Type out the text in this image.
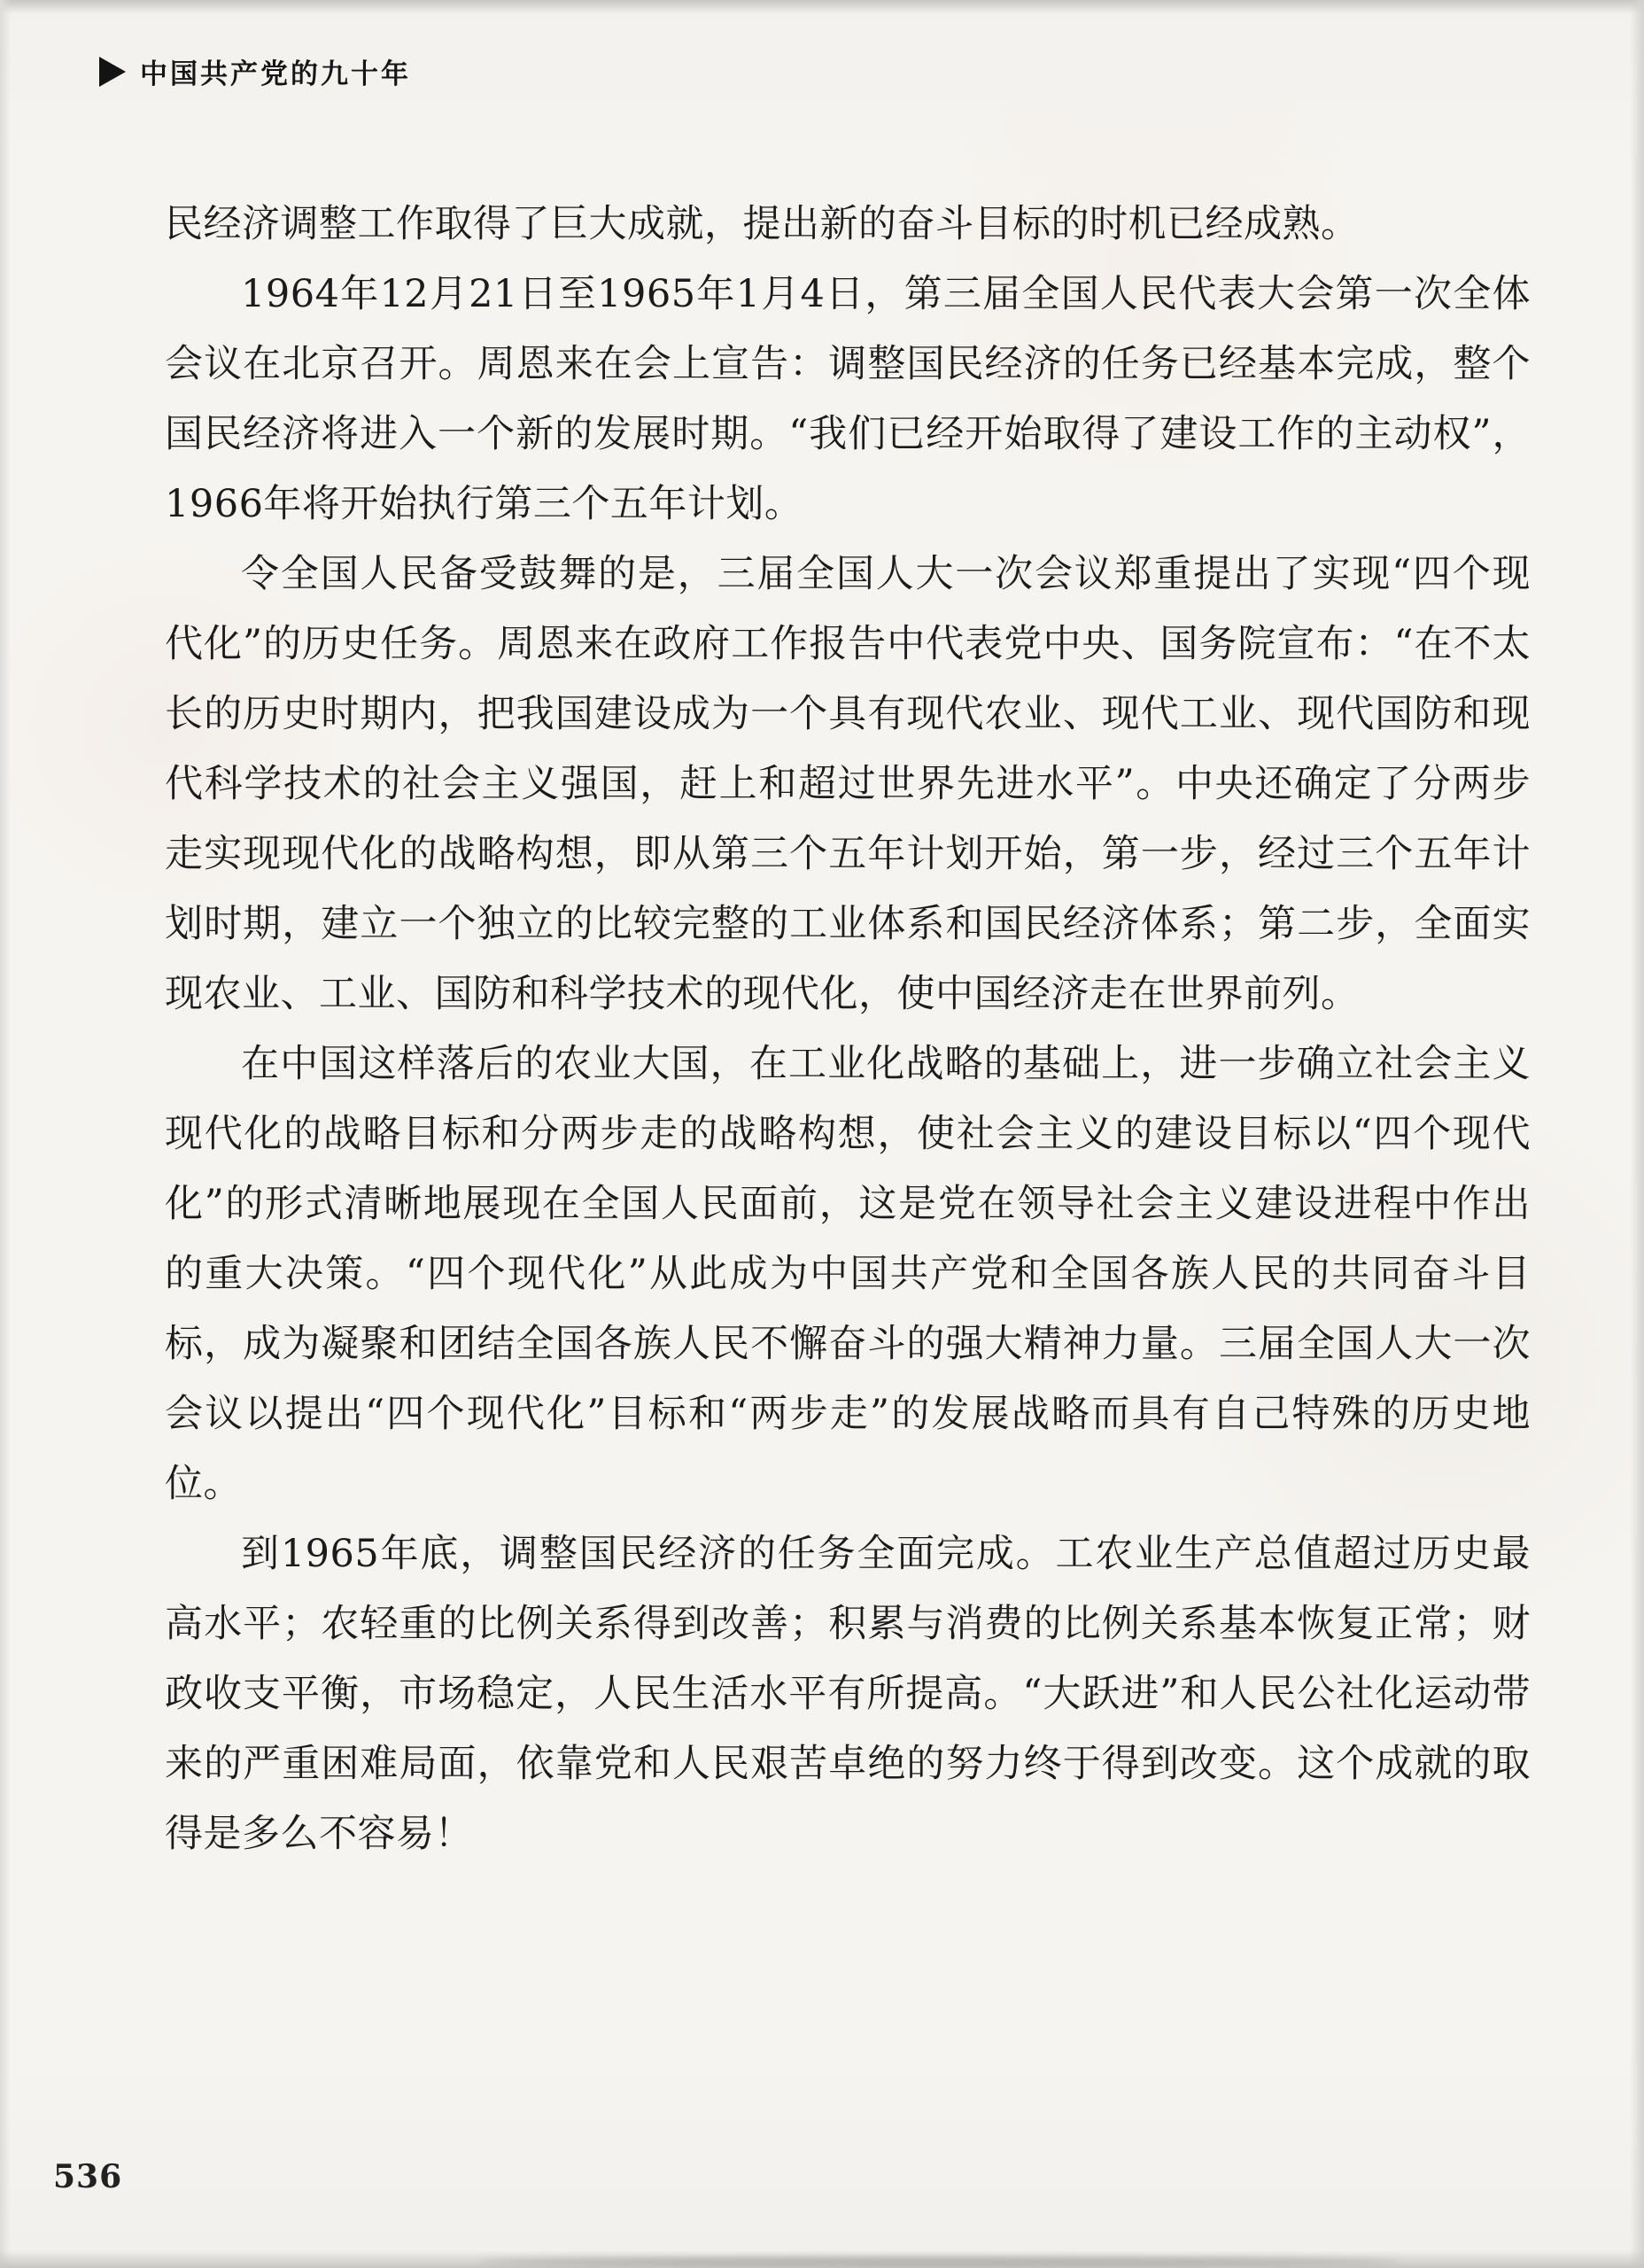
中国共产党的九十年

民经济调整工作取得了巨大成就，提出新的奋斗目标的时机已经成熟。

1964年12月21日至1965年1月4日，第三届全国人民代表大会第一次全体会议在北京召开。周恩来在会上宣告：调整国民经济的任务已经基本完成，整个国民经济将进入一个新的发展时期。“我们已经开始取得了建设工作的主动权”，1966年将开始执行第三个五年计划。

令全国人民备受鼓舞的是，三届全国人大一次会议郑重提出了实现“四个现代化”的历史任务。周恩来在政府工作报告中代表党中央、国务院宣布：“在不太长的历史时期内，把我国建设成为一个具有现代农业、现代工业、现代国防和现代科学技术的社会主义强国，赶上和超过世界先进水平”。中央还确定了分两步走实现现代化的战略构想，即从第三个五年计划开始，第一步，经过三个五年计划时期，建立一个独立的比较完整的工业体系和国民经济体系；第二步，全面实现农业、工业、国防和科学技术的现代化，使中国经济走在世界前列。

在中国这样落后的农业大国，在工业化战略的基础上，进一步确立社会主义现代化的战略目标和分两步走的战略构想，使社会主义的建设目标以“四个现代化”的形式清晰地展现在全国人民面前，这是党在领导社会主义建设进程中作出的重大决策。“四个现代化”从此成为中国共产党和全国各族人民的共同奋斗目标，成为凝聚和团结全国各族人民不懈奋斗的强大精神力量。三届全国人大一次会议以提出“四个现代化”目标和“两步走”的发展战略而具有自己特殊的历史地位。

到1965年底，调整国民经济的任务全面完成。工农业生产总值超过历史最高水平；农轻重的比例关系得到改善；积累与消费的比例关系基本恢复正常；财政收支平衡，市场稳定，人民生活水平有所提高。“大跃进”和人民公社化运动带来的严重困难局面，依靠党和人民艰苦卓绝的努力终于得到改变。这个成就的取得是多么不容易！

536
